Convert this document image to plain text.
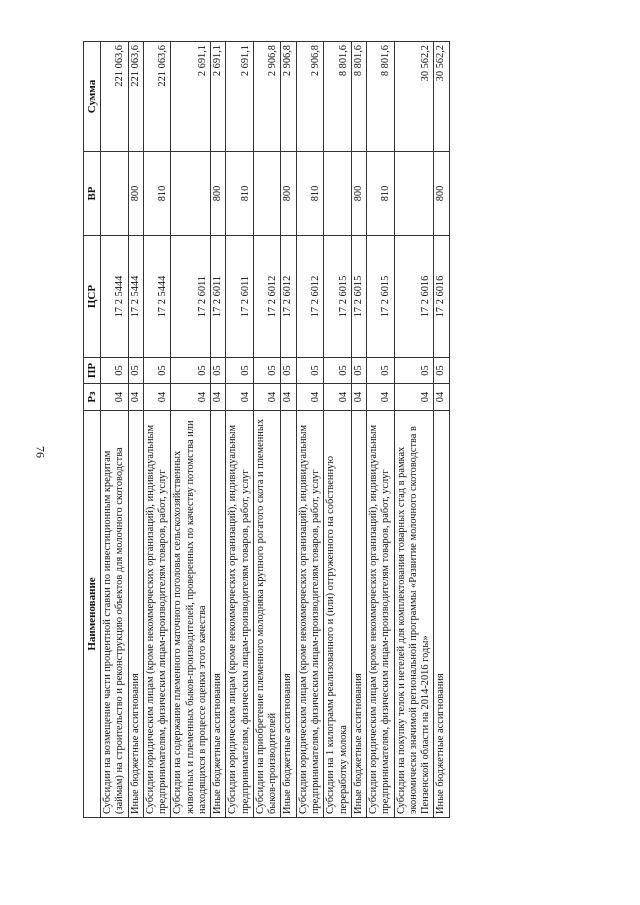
76
Наименование	Рз	ПР	ЦСР	ВР	Сумма
Субсидии на возмещение части процентной ставки по инвестиционным кредитам (займам) на строительство и реконструкцию объектов для молочного скотоводства	04	05	17 2 5444		221 063,6
Иные бюджетные ассигнования	04	05	17 2 5444	800	221 063,6
Субсидии юридическим лицам (кроме некоммерческих организаций), индивидуальным предпринимателям, физическим лицам-производителям товаров, работ, услуг	04	05	17 2 5444	810	221 063,6
Субсидии на содержание племенного маточного поголовья сельскохозяйственных животных и племенных быков-производителей, проверенных по качеству потомства или находящихся в процессе оценки этого качества	04	05	17 2 6011		2 691,1
Иные бюджетные ассигнования	04	05	17 2 6011	800	2 691,1
Субсидии юридическим лицам (кроме некоммерческих организаций), индивидуальным предпринимателям, физическим лицам-производителям товаров, работ, услуг	04	05	17 2 6011	810	2 691,1
Субсидии на приобретение племенного молодняка крупного рогатого скота и племенных быков-производителей	04	05	17 2 6012		2 906,8
Иные бюджетные ассигнования	04	05	17 2 6012	800	2 906,8
Субсидии юридическим лицам (кроме некоммерческих организаций), индивидуальным предпринимателям, физическим лицам-производителям товаров, работ, услуг	04	05	17 2 6012	810	2 906,8
Субсидии на 1 килограмм реализованного и (или) отгруженного на собственную переработку молока	04	05	17 2 6015		8 801,6
Иные бюджетные ассигнования	04	05	17 2 6015	800	8 801,6
Субсидии юридическим лицам (кроме некоммерческих организаций), индивидуальным предпринимателям, физическим лицам-производителям товаров, работ, услуг	04	05	17 2 6015	810	8 801,6
Субсидии на покупку телок и нетелей для комплектования товарных стад в рамках экономически значимой региональной программы «Развитие молочного скотоводства в Пензенской области на 2014-2016 годы»	04	05	17 2 6016		30 562,2
Иные бюджетные ассигнования	04	05	17 2 6016	800	30 562,2
